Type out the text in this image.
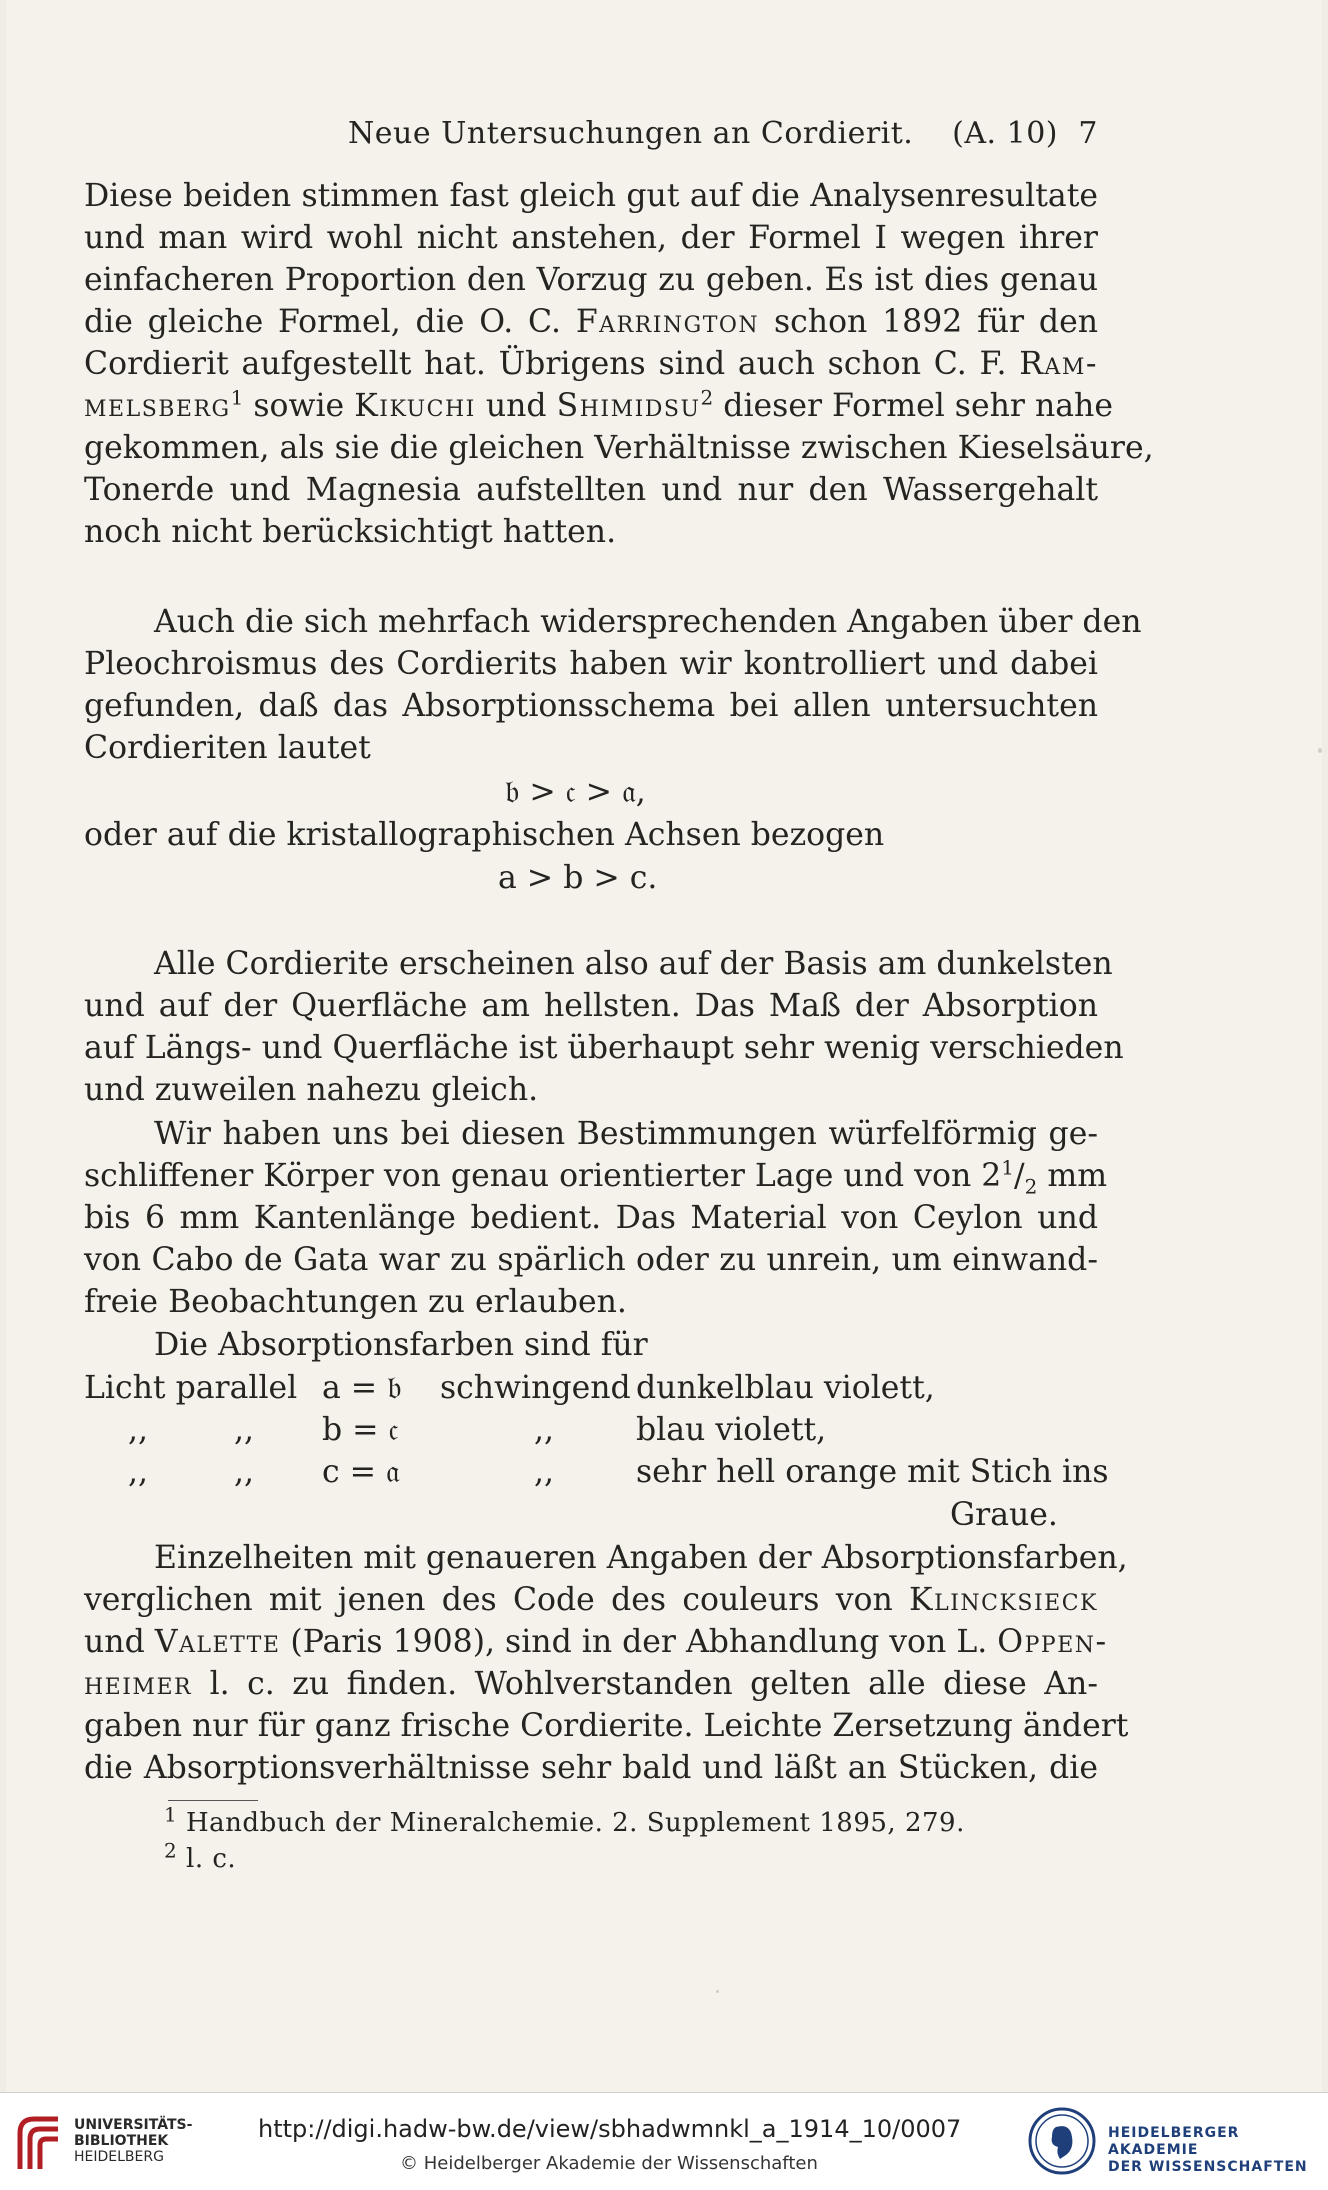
Neue Untersuchungen an Cordierit. (A. 10) 7
Diese beiden stimmen fast gleich gut auf die Analysenresultate
und man wird wohl nicht anstehen, der Formel I wegen ihrer
einfacheren Proportion den Vorzug zu geben. Es ist dies genau
die gleiche Formel, die O. C. Farrington schon 1892 für den
Cordierit aufgestellt hat. Übrigens sind auch schon C. F. Ram-
melsberg$^1$ sowie Kikuchi und Shimidsu$^2$ dieser Formel sehr nahe
gekommen, als sie die gleichen Verhältnisse zwischen Kieselsäure,
Tonerde und Magnesia aufstellten und nur den Wassergehalt
noch nicht berücksichtigt hatten.
Auch die sich mehrfach widersprechenden Angaben über den
Pleochroismus des Cordierits haben wir kontrolliert und dabei
gefunden, daß das Absorptionsschema bei allen untersuchten
Cordieriten lautet
𝔟 > 𝔠 > 𝔞,
oder auf die kristallographischen Achsen bezogen
a > b > c.
Alle Cordierite erscheinen also auf der Basis am dunkelsten
und auf der Querfläche am hellsten. Das Maß der Absorption
auf Längs- und Querfläche ist überhaupt sehr wenig verschieden
und zuweilen nahezu gleich.
Wir haben uns bei diesen Bestimmungen würfelförmig ge-
schliffener Körper von genau orientierter Lage und von $2^1/_2$ mm
bis 6 mm Kantenlänge bedient. Das Material von Ceylon und
von Cabo de Gata war zu spärlich oder zu unrein, um einwand-
freie Beobachtungen zu erlauben.
Die Absorptionsfarben sind für
Licht parallel a = 𝔟 schwingend dunkelblau violett,
,,	,, b = 𝔠	,,	blau violett,
,,	,, c = 𝔞	,,	sehr hell orange mit Stich ins
Graue.
Einzelheiten mit genaueren Angaben der Absorptionsfarben,
verglichen mit jenen des Code des couleurs von Klincksieck
und Valette (Paris 1908), sind in der Abhandlung von L. Oppen-
heimer l. c. zu finden. Wohlverstanden gelten alle diese An-
gaben nur für ganz frische Cordierite. Leichte Zersetzung ändert
die Absorptionsverhältnisse sehr bald und läßt an Stücken, die
$^1$ Handbuch der Mineralchemie. 2. Supplement 1895, 279.
$^2$ l. c.
UNIVERSITÄTS-
BIBLIOTHEK
HEIDELBERG
http://digi.hadw-bw.de/view/sbhadwmnkl_a_1914_10/0007
© Heidelberger Akademie der Wissenschaften
HEIDELBERGER AKADEMIE
DER WISSENSCHAFTEN
